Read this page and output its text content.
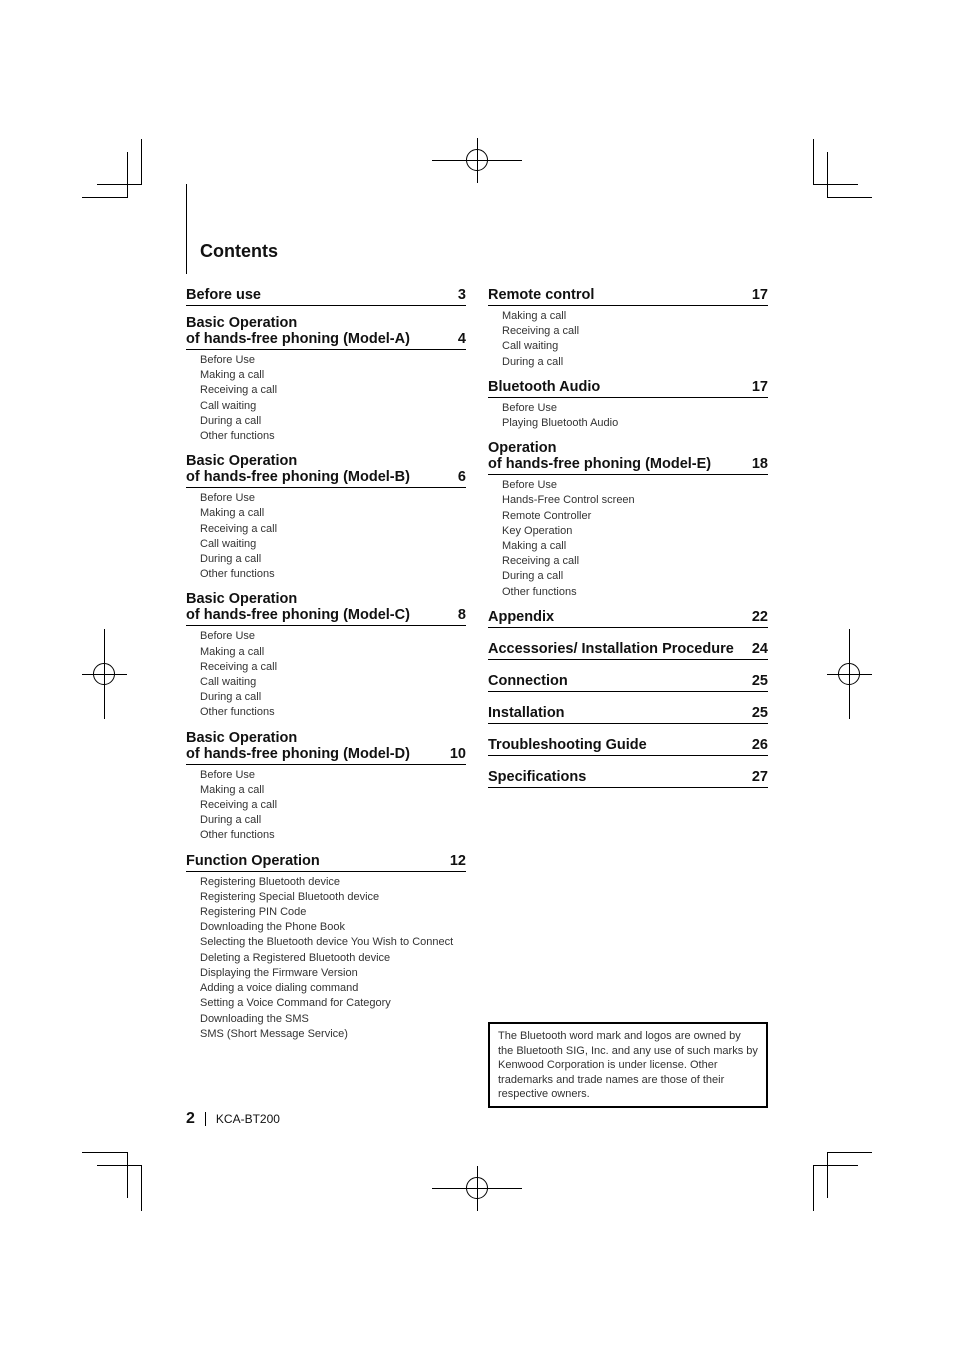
Contents
Before use	3
Basic Operation
of hands-free phoning (Model-A)	4
Before Use
Making a call
Receiving a call
Call waiting
During a call
Other functions
Basic Operation
of hands-free phoning (Model-B)	6
Before Use
Making a call
Receiving a call
Call waiting
During a call
Other functions
Basic Operation
of hands-free phoning (Model-C)	8
Before Use
Making a call
Receiving a call
Call waiting
During a call
Other functions
Basic Operation
of hands-free phoning (Model-D)	10
Before Use
Making a call
Receiving a call
During a call
Other functions
Function Operation	12
Registering Bluetooth device
Registering Special Bluetooth device
Registering PIN Code
Downloading the Phone Book
Selecting the Bluetooth device You Wish to Connect
Deleting a Registered Bluetooth device
Displaying the Firmware Version
Adding a voice dialing command
Setting a Voice Command for Category
Downloading the SMS
SMS (Short Message Service)
Remote control	17
Making a call
Receiving a call
Call waiting
During a call
Bluetooth Audio	17
Before Use
Playing Bluetooth Audio
Operation
of hands-free phoning (Model-E)	18
Before Use
Hands-Free Control screen
Remote Controller
Key Operation
Making a call
Receiving a call
During a call
Other functions
Appendix	22
Accessories/ Installation Procedure 24
Connection	25
Installation	25
Troubleshooting Guide	26
Specifications	27
The Bluetooth word mark and logos are owned by the Bluetooth SIG, Inc. and any use of such marks by Kenwood Corporation is under license. Other trademarks and trade names are those of their respective owners.
2 KCA-BT200
